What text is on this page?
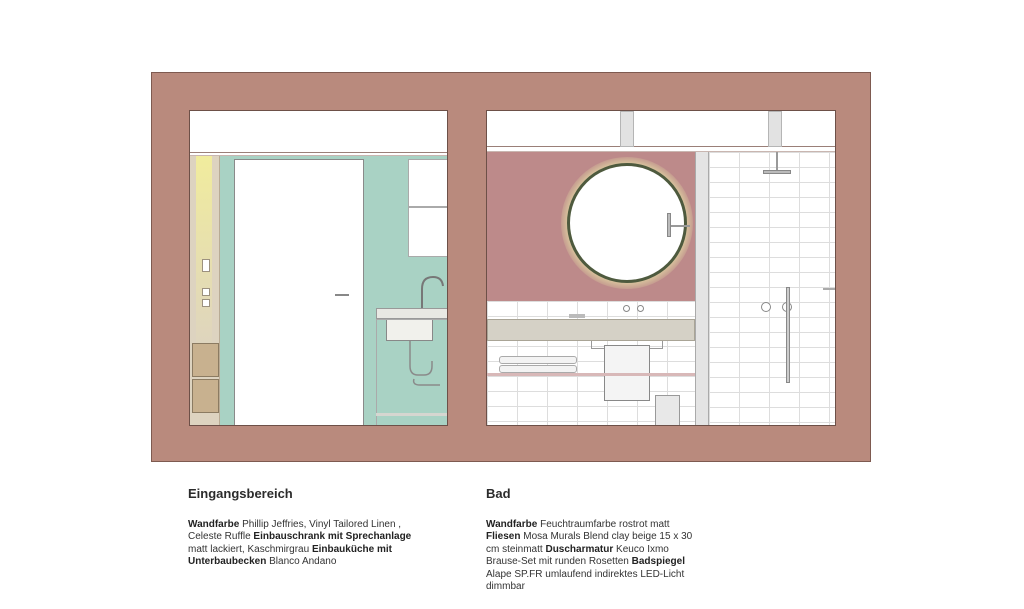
Eingangsbereich

Wandfarbe Phillip Jeffries, Vinyl Tailored Linen , Celeste Ruffle Einbauschrank mit Sprechanlage matt lackiert, Kaschmirgrau Einbauküche mit Unterbaubecken Blanco Andano

Bad

Wandfarbe Feuchtraumfarbe rostrot matt Fliesen Mosa Murals Blend clay beige 15 x 30 cm steinmatt Duscharmatur Keuco Ixmo Brause-Set mit runden Rosetten Badspiegel Alape SP.FR umlaufend indirektes LED-Licht dimmbar
